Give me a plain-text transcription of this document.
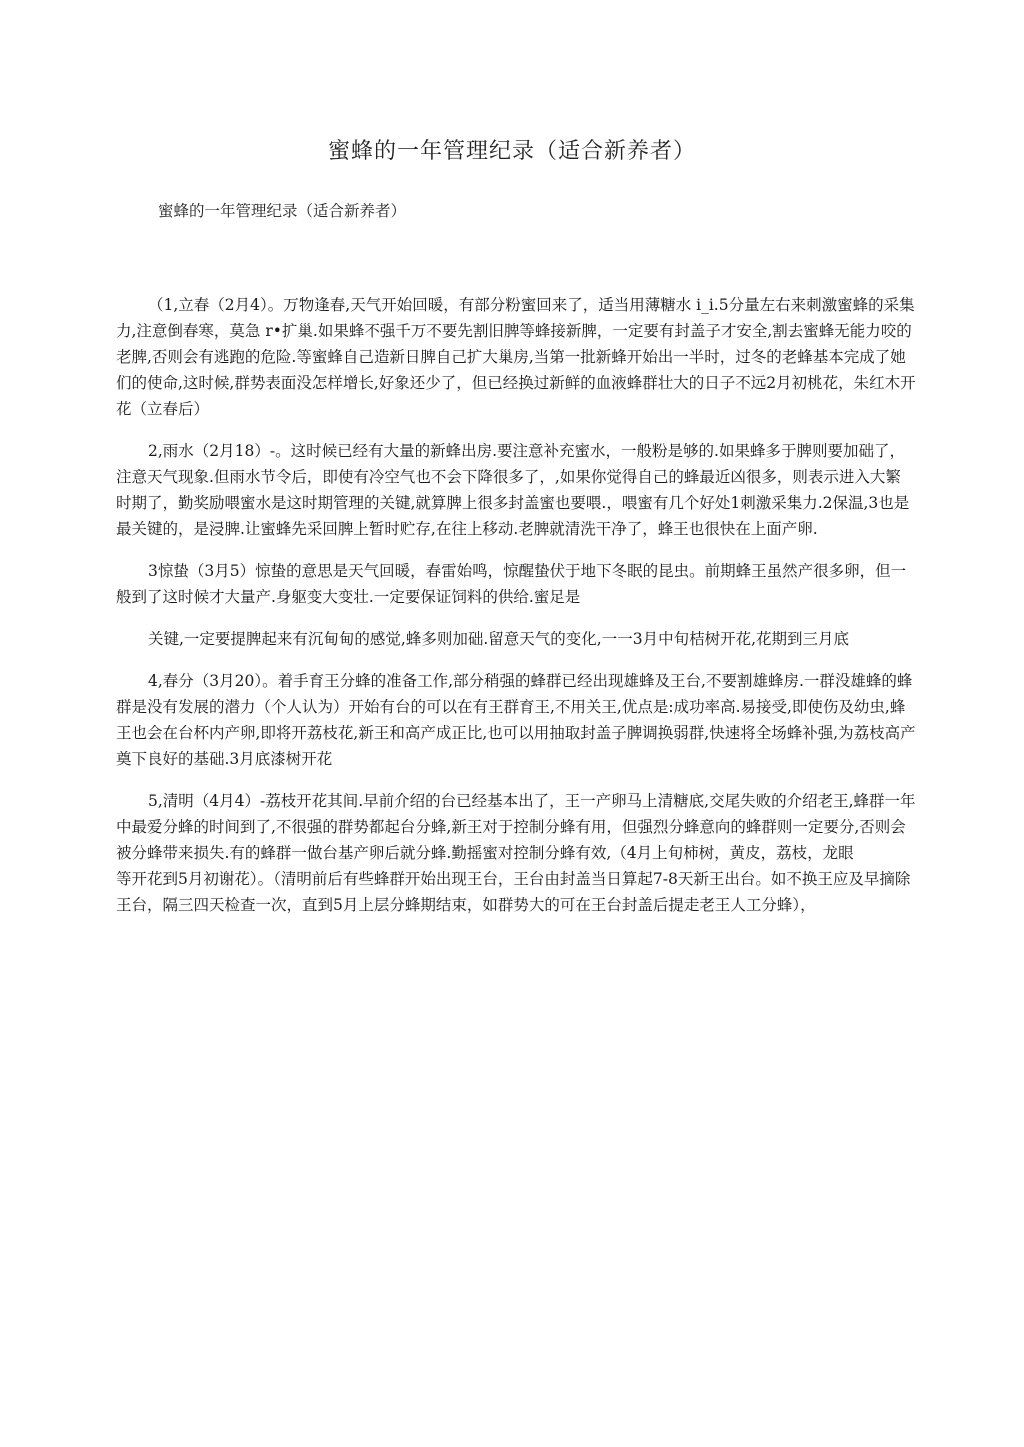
蜜蜂的一年管理纪录（适合新养者）

蜜蜂的一年管理纪录（适合新养者）

（1,立春（2月4）。万物逢春,天气开始回暖，有部分粉蜜回来了，适当用薄糖水 i_i.5分量左右来刺激蜜蜂的采集力,注意倒春寒，莫急 r•扩巢.如果蜂不强千万不要先割旧脾等蜂接新脾，一定要有封盖子才安全,割去蜜蜂无能力咬的老脾,否则会有逃跑的危险.等蜜蜂自己造新日脾自己扩大巢房,当第一批新蜂开始出一半时，过冬的老蜂基本完成了她们的使命,这时候,群势表面没怎样增长,好象还少了，但已经换过新鲜的血液蜂群壮大的日子不远2月初桃花，朱红木开花（立春后）

2,雨水（2月18）-。这时候已经有大量的新蜂出房.要注意补充蜜水，一般粉是够的.如果蜂多于脾则要加础了，注意天气现象.但雨水节令后，即使有冷空气也不会下降很多了，,如果你觉得自己的蜂最近凶很多，则表示进入大繁时期了，勤奖励喂蜜水是这时期管理的关键,就算脾上很多封盖蜜也要喂.，喂蜜有几个好处1刺激采集力.2保温,3也是最关键的，是浸脾.让蜜蜂先采回脾上暂时贮存,在往上移动.老脾就清洗干净了，蜂王也很快在上面产卵.

3惊蛰（3月5）惊蛰的意思是天气回暖，春雷始鸣，惊醒蛰伏于地下冬眠的昆虫。前期蜂王虽然产很多卵，但一般到了这时候才大量产.身躯变大变壮.一定要保证饲料的供给.蜜足是

关键,一定要提脾起来有沉甸甸的感觉,蜂多则加础.留意天气的变化,一一3月中旬桔树开花,花期到三月底

4,春分（3月20）。着手育王分蜂的准备工作,部分稍强的蜂群已经出现雄蜂及王台,不要割雄蜂房.一群没雄蜂的蜂群是没有发展的潜力（个人认为）开始有台的可以在有王群育王,不用关王,优点是:成功率高.易接受,即使伤及幼虫,蜂王也会在台杯内产卵,即将开荔枝花,新王和高产成正比,也可以用抽取封盖子脾调换弱群,快速将全场蜂补强,为荔枝高产奠下良好的基础.3月底漆树开花

5,清明（4月4）-荔枝开花其间.早前介绍的台已经基本出了，王一产卵马上清糖底,交尾失败的介绍老王,蜂群一年中最爱分蜂的时间到了,不很强的群势都起台分蜂,新王对于控制分蜂有用，但强烈分蜂意向的蜂群则一定要分,否则会被分蜂带来损失.有的蜂群一做台基产卵后就分蜂.勤摇蜜对控制分蜂有效,（4月上旬柿树，黄皮，荔枝，龙眼

等开花到5月初谢花）。（清明前后有些蜂群开始出现王台，王台由封盖当日算起7-8天新王出台。如不换王应及早摘除王台，隔三四天检查一次，直到5月上层分蜂期结束，如群势大的可在王台封盖后提走老王人工分蜂），
